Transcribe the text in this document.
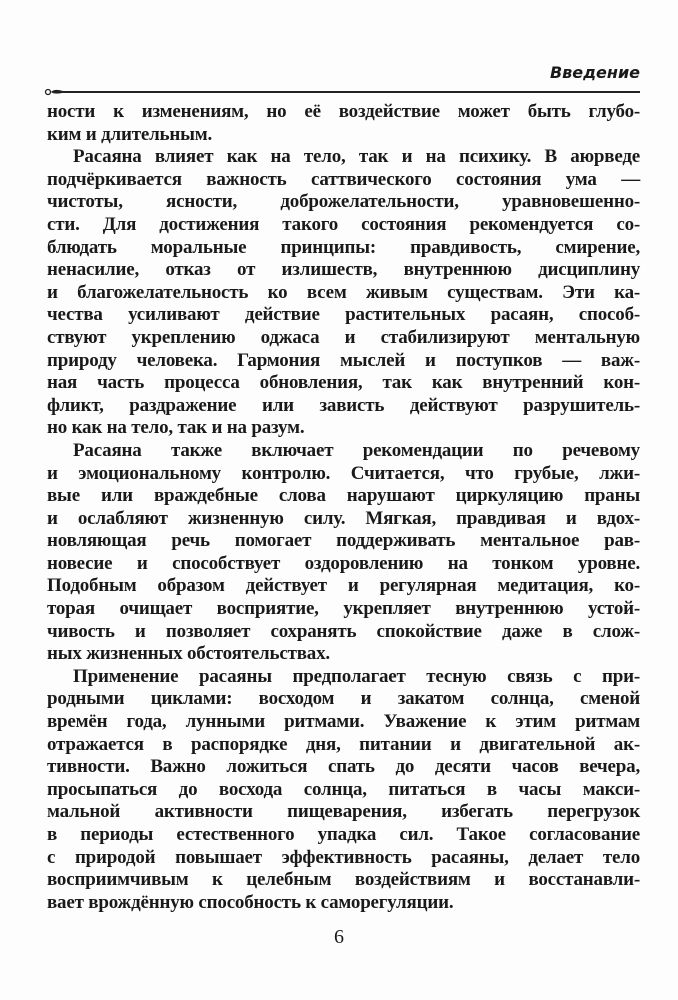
Введение
ности к изменениям, но её воздействие может быть глубо-
ким и длительным.
Расаяна влияет как на тело, так и на психику. В аюрведе
подчёркивается важность саттвического состояния ума —
чистоты, ясности, доброжелательности, уравновешенно-
сти. Для достижения такого состояния рекомендуется со-
блюдать моральные принципы: правдивость, смирение,
ненасилие, отказ от излишеств, внутреннюю дисциплину
и благожелательность ко всем живым существам. Эти ка-
чества усиливают действие растительных расаян, способ-
ствуют укреплению оджаса и стабилизируют ментальную
природу человека. Гармония мыслей и поступков — важ-
ная часть процесса обновления, так как внутренний кон-
фликт, раздражение или зависть действуют разрушитель-
но как на тело, так и на разум.
Расаяна также включает рекомендации по речевому
и эмоциональному контролю. Считается, что грубые, лжи-
вые или враждебные слова нарушают циркуляцию праны
и ослабляют жизненную силу. Мягкая, правдивая и вдох-
новляющая речь помогает поддерживать ментальное рав-
новесие и способствует оздоровлению на тонком уровне.
Подобным образом действует и регулярная медитация, ко-
торая очищает восприятие, укрепляет внутреннюю устой-
чивость и позволяет сохранять спокойствие даже в слож-
ных жизненных обстоятельствах.
Применение расаяны предполагает тесную связь с при-
родными циклами: восходом и закатом солнца, сменой
времён года, лунными ритмами. Уважение к этим ритмам
отражается в распорядке дня, питании и двигательной ак-
тивности. Важно ложиться спать до десяти часов вечера,
просыпаться до восхода солнца, питаться в часы макси-
мальной активности пищеварения, избегать перегрузок
в периоды естественного упадка сил. Такое согласование
с природой повышает эффективность расаяны, делает тело
восприимчивым к целебным воздействиям и восстанавли-
вает врождённую способность к саморегуляции.
6
